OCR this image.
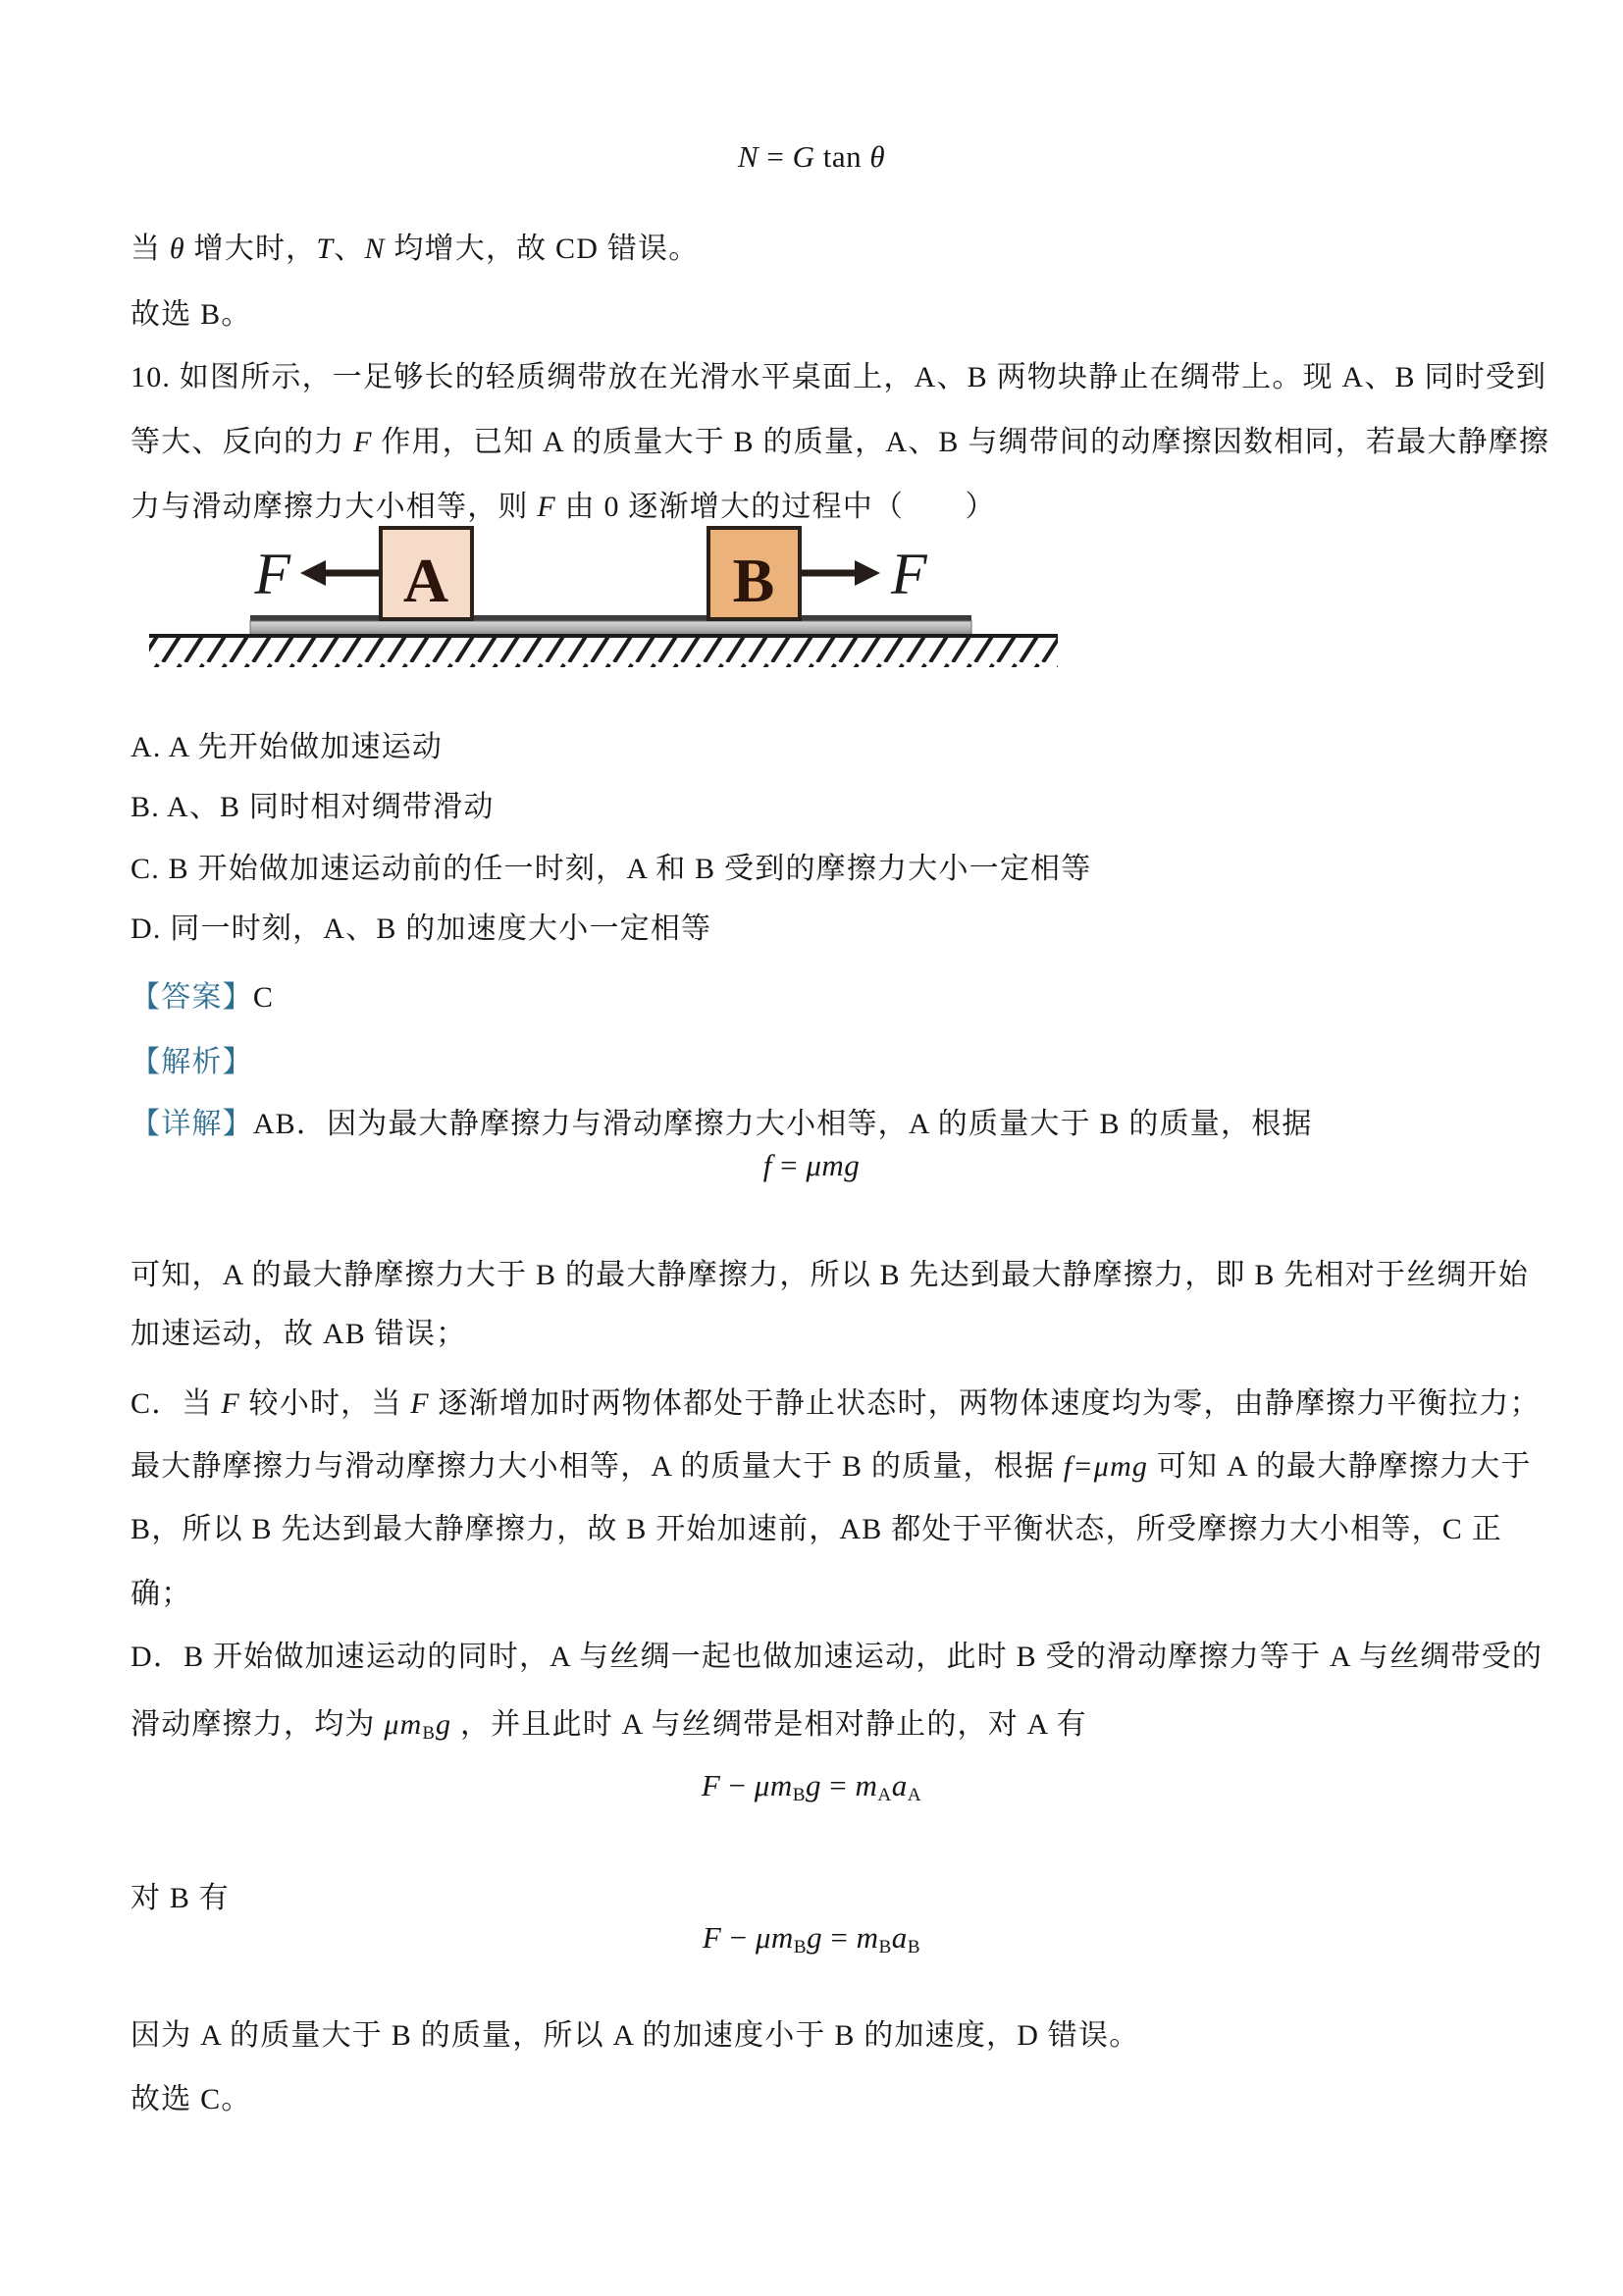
N = G tan θ

当 θ 增大时，T、N 均增大，故 CD 错误。

故选 B。

10. 如图所示，一足够长的轻质绸带放在光滑水平桌面上，A、B 两物块静止在绸带上。现 A、B 同时受到

等大、反向的力 F 作用，已知 A 的质量大于 B 的质量，A、B 与绸带间的动摩擦因数相同，若最大静摩擦

力与滑动摩擦力大小相等，则 F 由 0 逐渐增大的过程中（　　）

A	B
F	F

A. A 先开始做加速运动

B. A、B 同时相对绸带滑动

C. B 开始做加速运动前的任一时刻，A 和 B 受到的摩擦力大小一定相等

D. 同一时刻，A、B 的加速度大小一定相等

【答案】C

【解析】

【详解】AB．因为最大静摩擦力与滑动摩擦力大小相等，A 的质量大于 B 的质量，根据

f = μmg

可知，A 的最大静摩擦力大于 B 的最大静摩擦力，所以 B 先达到最大静摩擦力，即 B 先相对于丝绸开始

加速运动，故 AB 错误；

C．当 F 较小时，当 F 逐渐增加时两物体都处于静止状态时，两物体速度均为零，由静摩擦力平衡拉力；

最大静摩擦力与滑动摩擦力大小相等，A 的质量大于 B 的质量，根据 f=μmg 可知 A 的最大静摩擦力大于

B，所以 B 先达到最大静摩擦力，故 B 开始加速前，AB 都处于平衡状态，所受摩擦力大小相等，C 正

确；

D．B 开始做加速运动的同时，A 与丝绸一起也做加速运动，此时 B 受的滑动摩擦力等于 A 与丝绸带受的

滑动摩擦力，均为 $\mu m_Bg$ ，并且此时 A 与丝绸带是相对静止的，对 A 有

$F - \mu m_Bg = m_Aa_A$

对 B 有

$F - \mu m_Bg = m_Ba_B$

因为 A 的质量大于 B 的质量，所以 A 的加速度小于 B 的加速度，D 错误。

故选 C。
